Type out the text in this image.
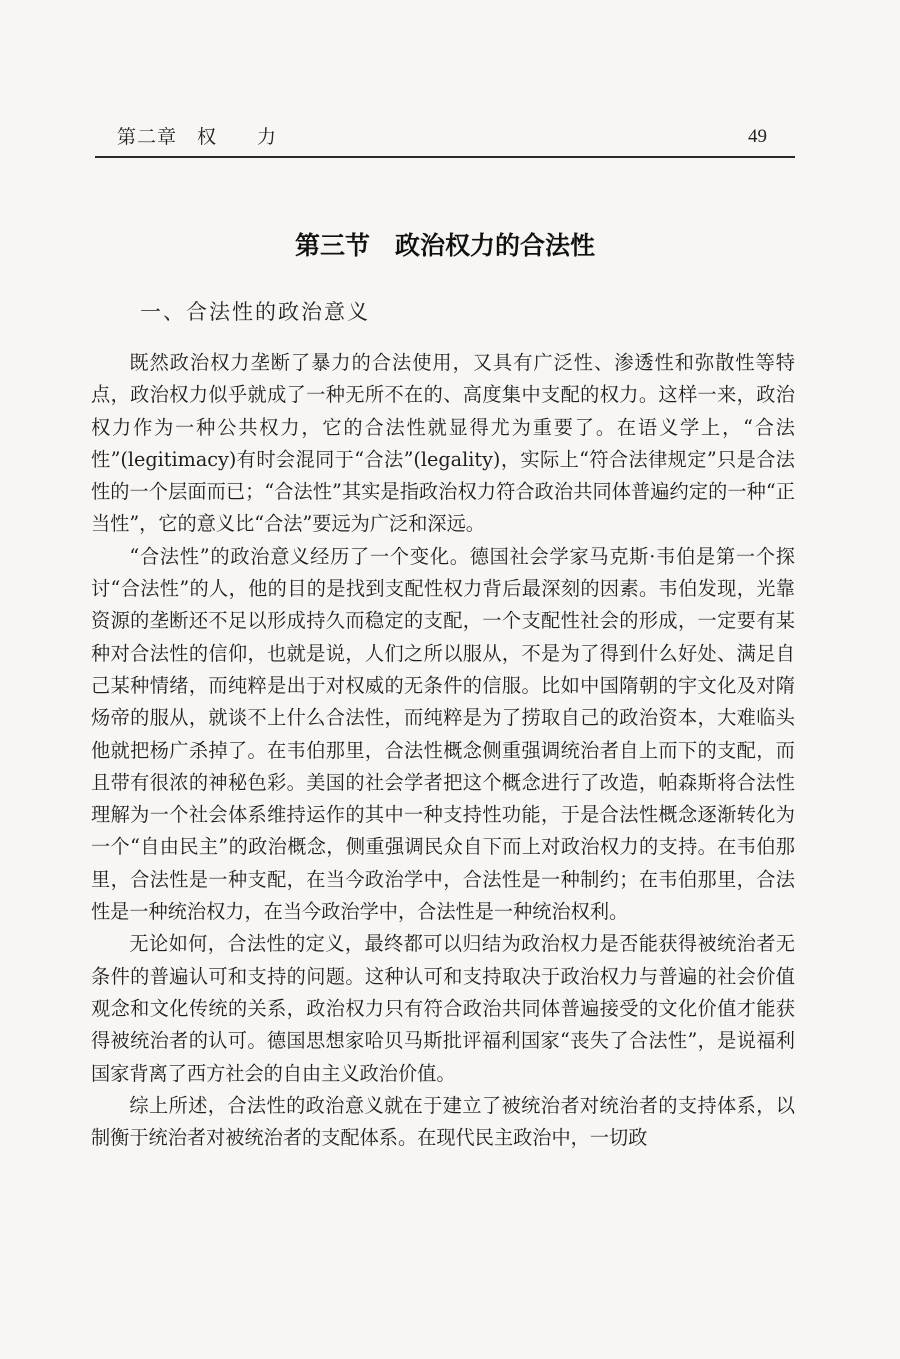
第二章　权　　力	49
第三节　政治权力的合法性
一、合法性的政治意义

既然政治权力垄断了暴力的合法使用，又具有广泛性、渗透性和弥散性等特点，政治权力似乎就成了一种无所不在的、高度集中支配的权力。这样一来，政治权力作为一种公共权力，它的合法性就显得尤为重要了。在语义学上，“合法性”(legitimacy)有时会混同于“合法”(legality)，实际上“符合法律规定”只是合法性的一个层面而已；“合法性”其实是指政治权力符合政治共同体普遍约定的一种“正当性”，它的意义比“合法”要远为广泛和深远。

“合法性”的政治意义经历了一个变化。德国社会学家马克斯·韦伯是第一个探讨“合法性”的人，他的目的是找到支配性权力背后最深刻的因素。韦伯发现，光靠资源的垄断还不足以形成持久而稳定的支配，一个支配性社会的形成，一定要有某种对合法性的信仰，也就是说，人们之所以服从，不是为了得到什么好处、满足自己某种情绪，而纯粹是出于对权威的无条件的信服。比如中国隋朝的宇文化及对隋炀帝的服从，就谈不上什么合法性，而纯粹是为了捞取自己的政治资本，大难临头他就把杨广杀掉了。在韦伯那里，合法性概念侧重强调统治者自上而下的支配，而且带有很浓的神秘色彩。美国的社会学者把这个概念进行了改造，帕森斯将合法性理解为一个社会体系维持运作的其中一种支持性功能，于是合法性概念逐渐转化为一个“自由民主”的政治概念，侧重强调民众自下而上对政治权力的支持。在韦伯那里，合法性是一种支配，在当今政治学中，合法性是一种制约；在韦伯那里，合法性是一种统治权力，在当今政治学中，合法性是一种统治权利。

无论如何，合法性的定义，最终都可以归结为政治权力是否能获得被统治者无条件的普遍认可和支持的问题。这种认可和支持取决于政治权力与普遍的社会价值观念和文化传统的关系，政治权力只有符合政治共同体普遍接受的文化价值才能获得被统治者的认可。德国思想家哈贝马斯批评福利国家“丧失了合法性”，是说福利国家背离了西方社会的自由主义政治价值。

综上所述，合法性的政治意义就在于建立了被统治者对统治者的支持体系，以制衡于统治者对被统治者的支配体系。在现代民主政治中，一切政
